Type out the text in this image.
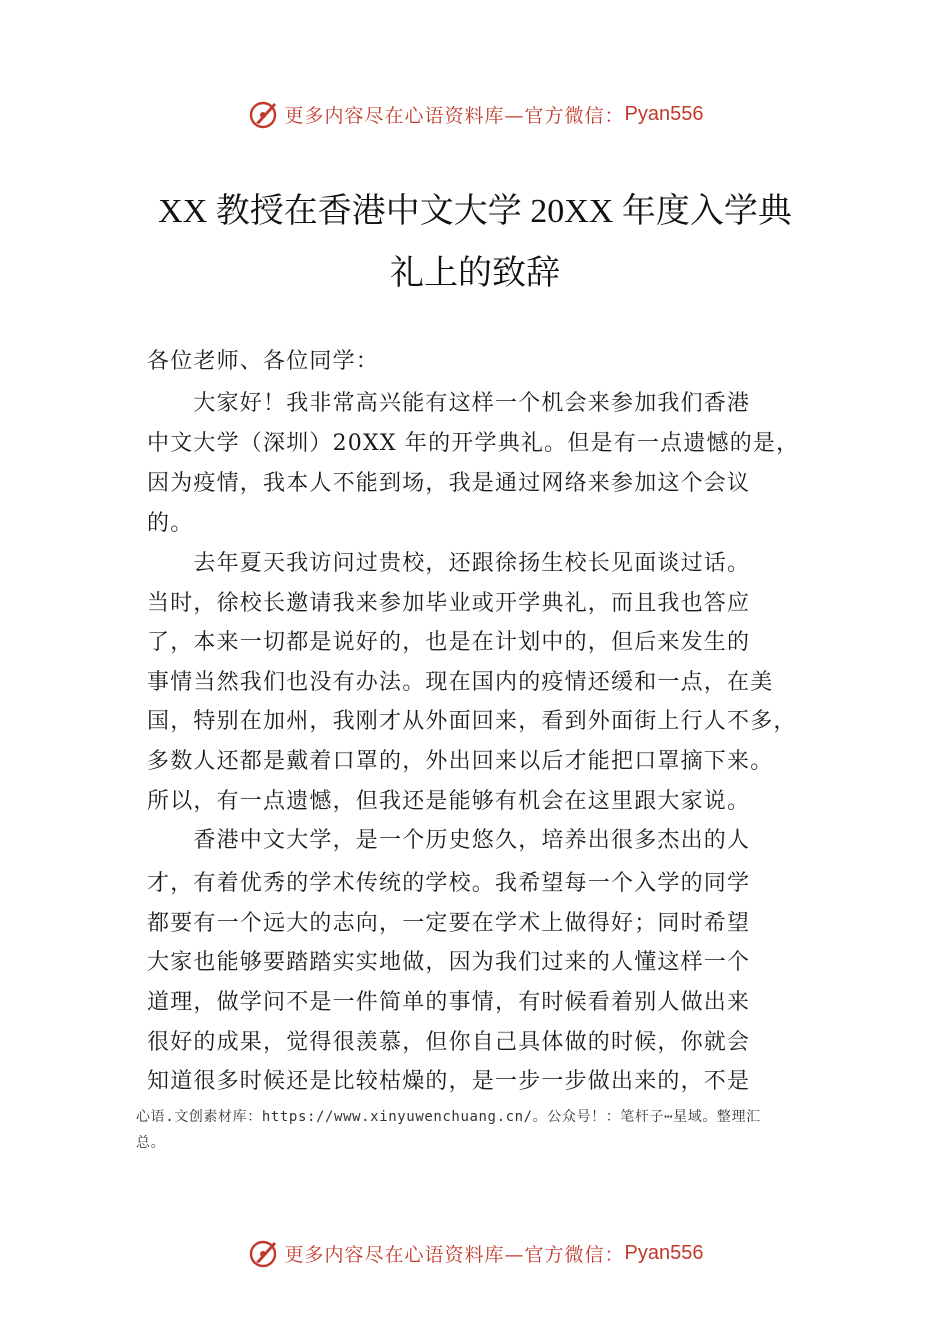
更多内容尽在心语资料库—官方微信： Pyan556
XX 教授在香港中文大学 20XX 年度入学典
礼上的致辞

各位老师、各位同学：

　　大家好！我非常高兴能有这样一个机会来参加我们香港

中文大学（深圳）20XX 年的开学典礼。但是有一点遗憾的是，

因为疫情，我本人不能到场，我是通过网络来参加这个会议

的。

　　去年夏天我访问过贵校，还跟徐扬生校长见面谈过话。

当时，徐校长邀请我来参加毕业或开学典礼，而且我也答应

了，本来一切都是说好的，也是在计划中的，但后来发生的

事情当然我们也没有办法。现在国内的疫情还缓和一点，在美

国，特别在加州，我刚才从外面回来，看到外面街上行人不多，

多数人还都是戴着口罩的，外出回来以后才能把口罩摘下来。

所以，有一点遗憾，但我还是能够有机会在这里跟大家说。

　　香港中文大学，是一个历史悠久，培养出很多杰出的人

才，有着优秀的学术传统的学校。我希望每一个入学的同学

都要有一个远大的志向，一定要在学术上做得好；同时希望

大家也能够要踏踏实实地做，因为我们过来的人懂这样一个

道理，做学问不是一件简单的事情，有时候看着别人做出来

很好的成果，觉得很羡慕，但你自己具体做的时候，你就会

知道很多时候还是比较枯燥的，是一步一步做出来的，不是

心语.文创素材库：https://www.xinyuwenchuang.cn/。公众号！：笔杆子⋯星域。整理汇

总。

更多内容尽在心语资料库—官方微信： Pyan556
